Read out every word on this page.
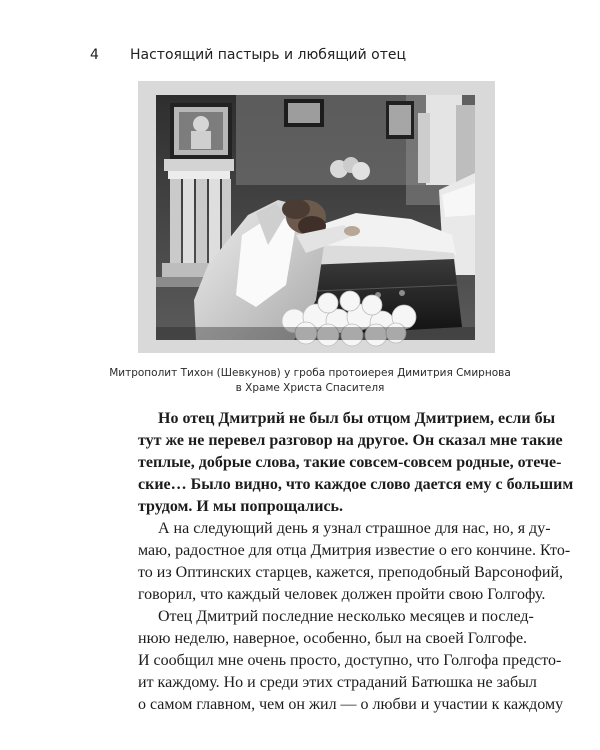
4	Настоящий пастырь и любящий отец
Митрополит Тихон (Шевкунов) у гроба протоиерея Димитрия Смирнова
в Храме Христа Спасителя
Но отец Дмитрий не был бы отцом Дмитрием, если бы
тут же не перевел разговор на другое. Он сказал мне такие
теплые, добрые слова, такие совсем-совсем родные, отече-
ские… Было видно, что каждое слово дается ему с большим
трудом. И мы попрощались.
А на следующий день я узнал страшное для нас, но, я ду-
маю, радостное для отца Дмитрия известие о его кончине. Кто-
то из Оптинских старцев, кажется, преподобный Варсонофий,
говорил, что каждый человек должен пройти свою Голгофу.
Отец Дмитрий последние несколько месяцев и послед-
нюю неделю, наверное, особенно, был на своей Голгофе.
И сообщил мне очень просто, доступно, что Голгофа предсто-
ит каждому. Но и среди этих страданий Батюшка не забыл
о самом главном, чем он жил — о любви и участии к каждому
